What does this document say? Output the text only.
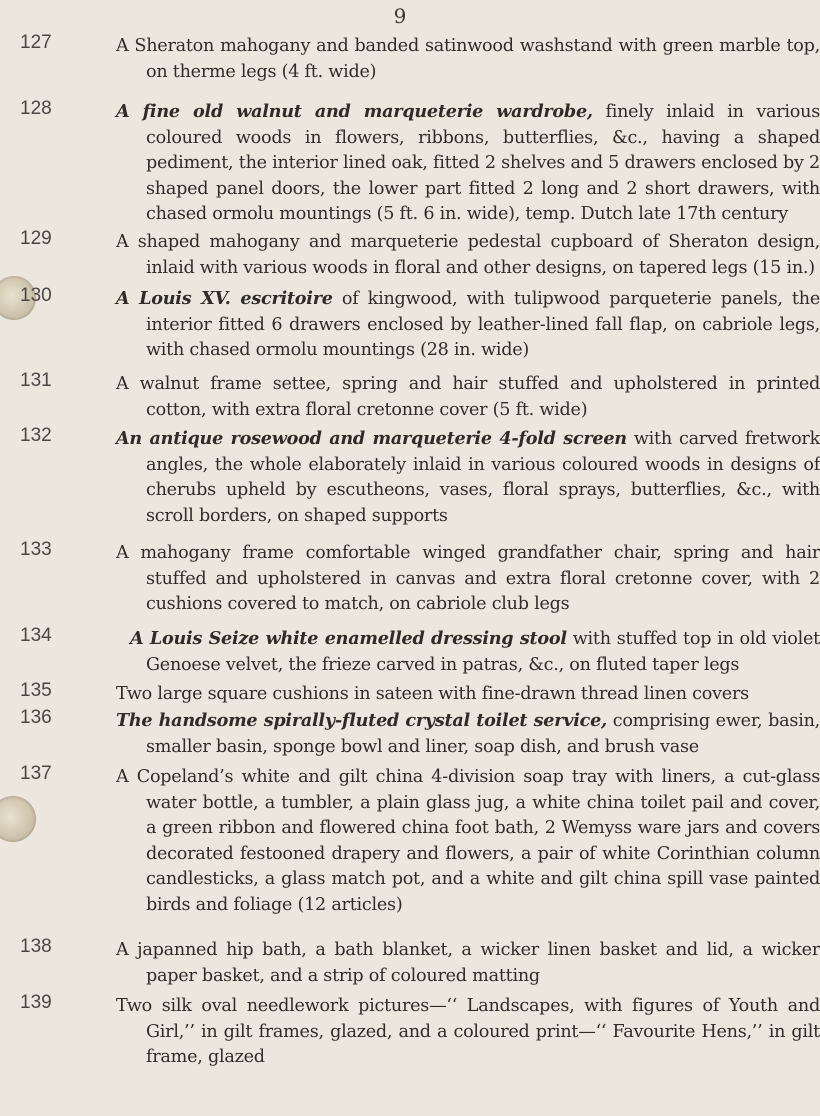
9
127	A Sheraton mahogany and banded satinwood washstand with green marble top, on therme legs (4 ft. wide)
128	A fine old walnut and marqueterie wardrobe, finely inlaid in various coloured woods in flowers, ribbons, butterflies, &c., having a shaped pediment, the interior lined oak, fitted 2 shelves and 5 drawers enclosed by 2 shaped panel doors, the lower part fitted 2 long and 2 short drawers, with chased ormolu mountings (5 ft. 6 in. wide), temp. Dutch late 17th century
129	A shaped mahogany and marqueterie pedestal cupboard of Sheraton design, inlaid with various woods in floral and other designs, on tapered legs (15 in.)
130	A Louis XV. escritoire of kingwood, with tulipwood parqueterie panels, the interior fitted 6 drawers enclosed by leather-lined fall flap, on cabriole legs, with chased ormolu mountings (28 in. wide)
131	A walnut frame settee, spring and hair stuffed and upholstered in printed cotton, with extra floral cretonne cover (5 ft. wide)
132	An antique rosewood and marqueterie 4-fold screen with carved fretwork angles, the whole elaborately inlaid in various coloured woods in designs of cherubs upheld by escutheons, vases, floral sprays, butterflies, &c., with scroll borders, on shaped supports
133	A mahogany frame comfortable winged grandfather chair, spring and hair stuffed and upholstered in canvas and extra floral cretonne cover, with 2 cushions covered to match, on cabriole club legs
134	A Louis Seize white enamelled dressing stool with stuffed top in old violet Genoese velvet, the frieze carved in patras, &c., on fluted taper legs
135	Two large square cushions in sateen with fine-drawn thread linen covers
136	The handsome spirally-fluted crystal toilet service, comprising ewer, basin, smaller basin, sponge bowl and liner, soap dish, and brush vase
137	A Copeland’s white and gilt china 4-division soap tray with liners, a cut-glass water bottle, a tumbler, a plain glass jug, a white china toilet pail and cover, a green ribbon and flowered china foot bath, 2 Wemyss ware jars and covers decorated festooned drapery and flowers, a pair of white Corinthian column candlesticks, a glass match pot, and a white and gilt china spill vase painted birds and foliage (12 articles)
138	A japanned hip bath, a bath blanket, a wicker linen basket and lid, a wicker paper basket, and a strip of coloured matting
139	Two silk oval needlework pictures—‘‘ Landscapes, with figures of Youth and Girl,’’ in gilt frames, glazed, and a coloured print—‘‘ Favourite Hens,’’ in gilt frame, glazed
